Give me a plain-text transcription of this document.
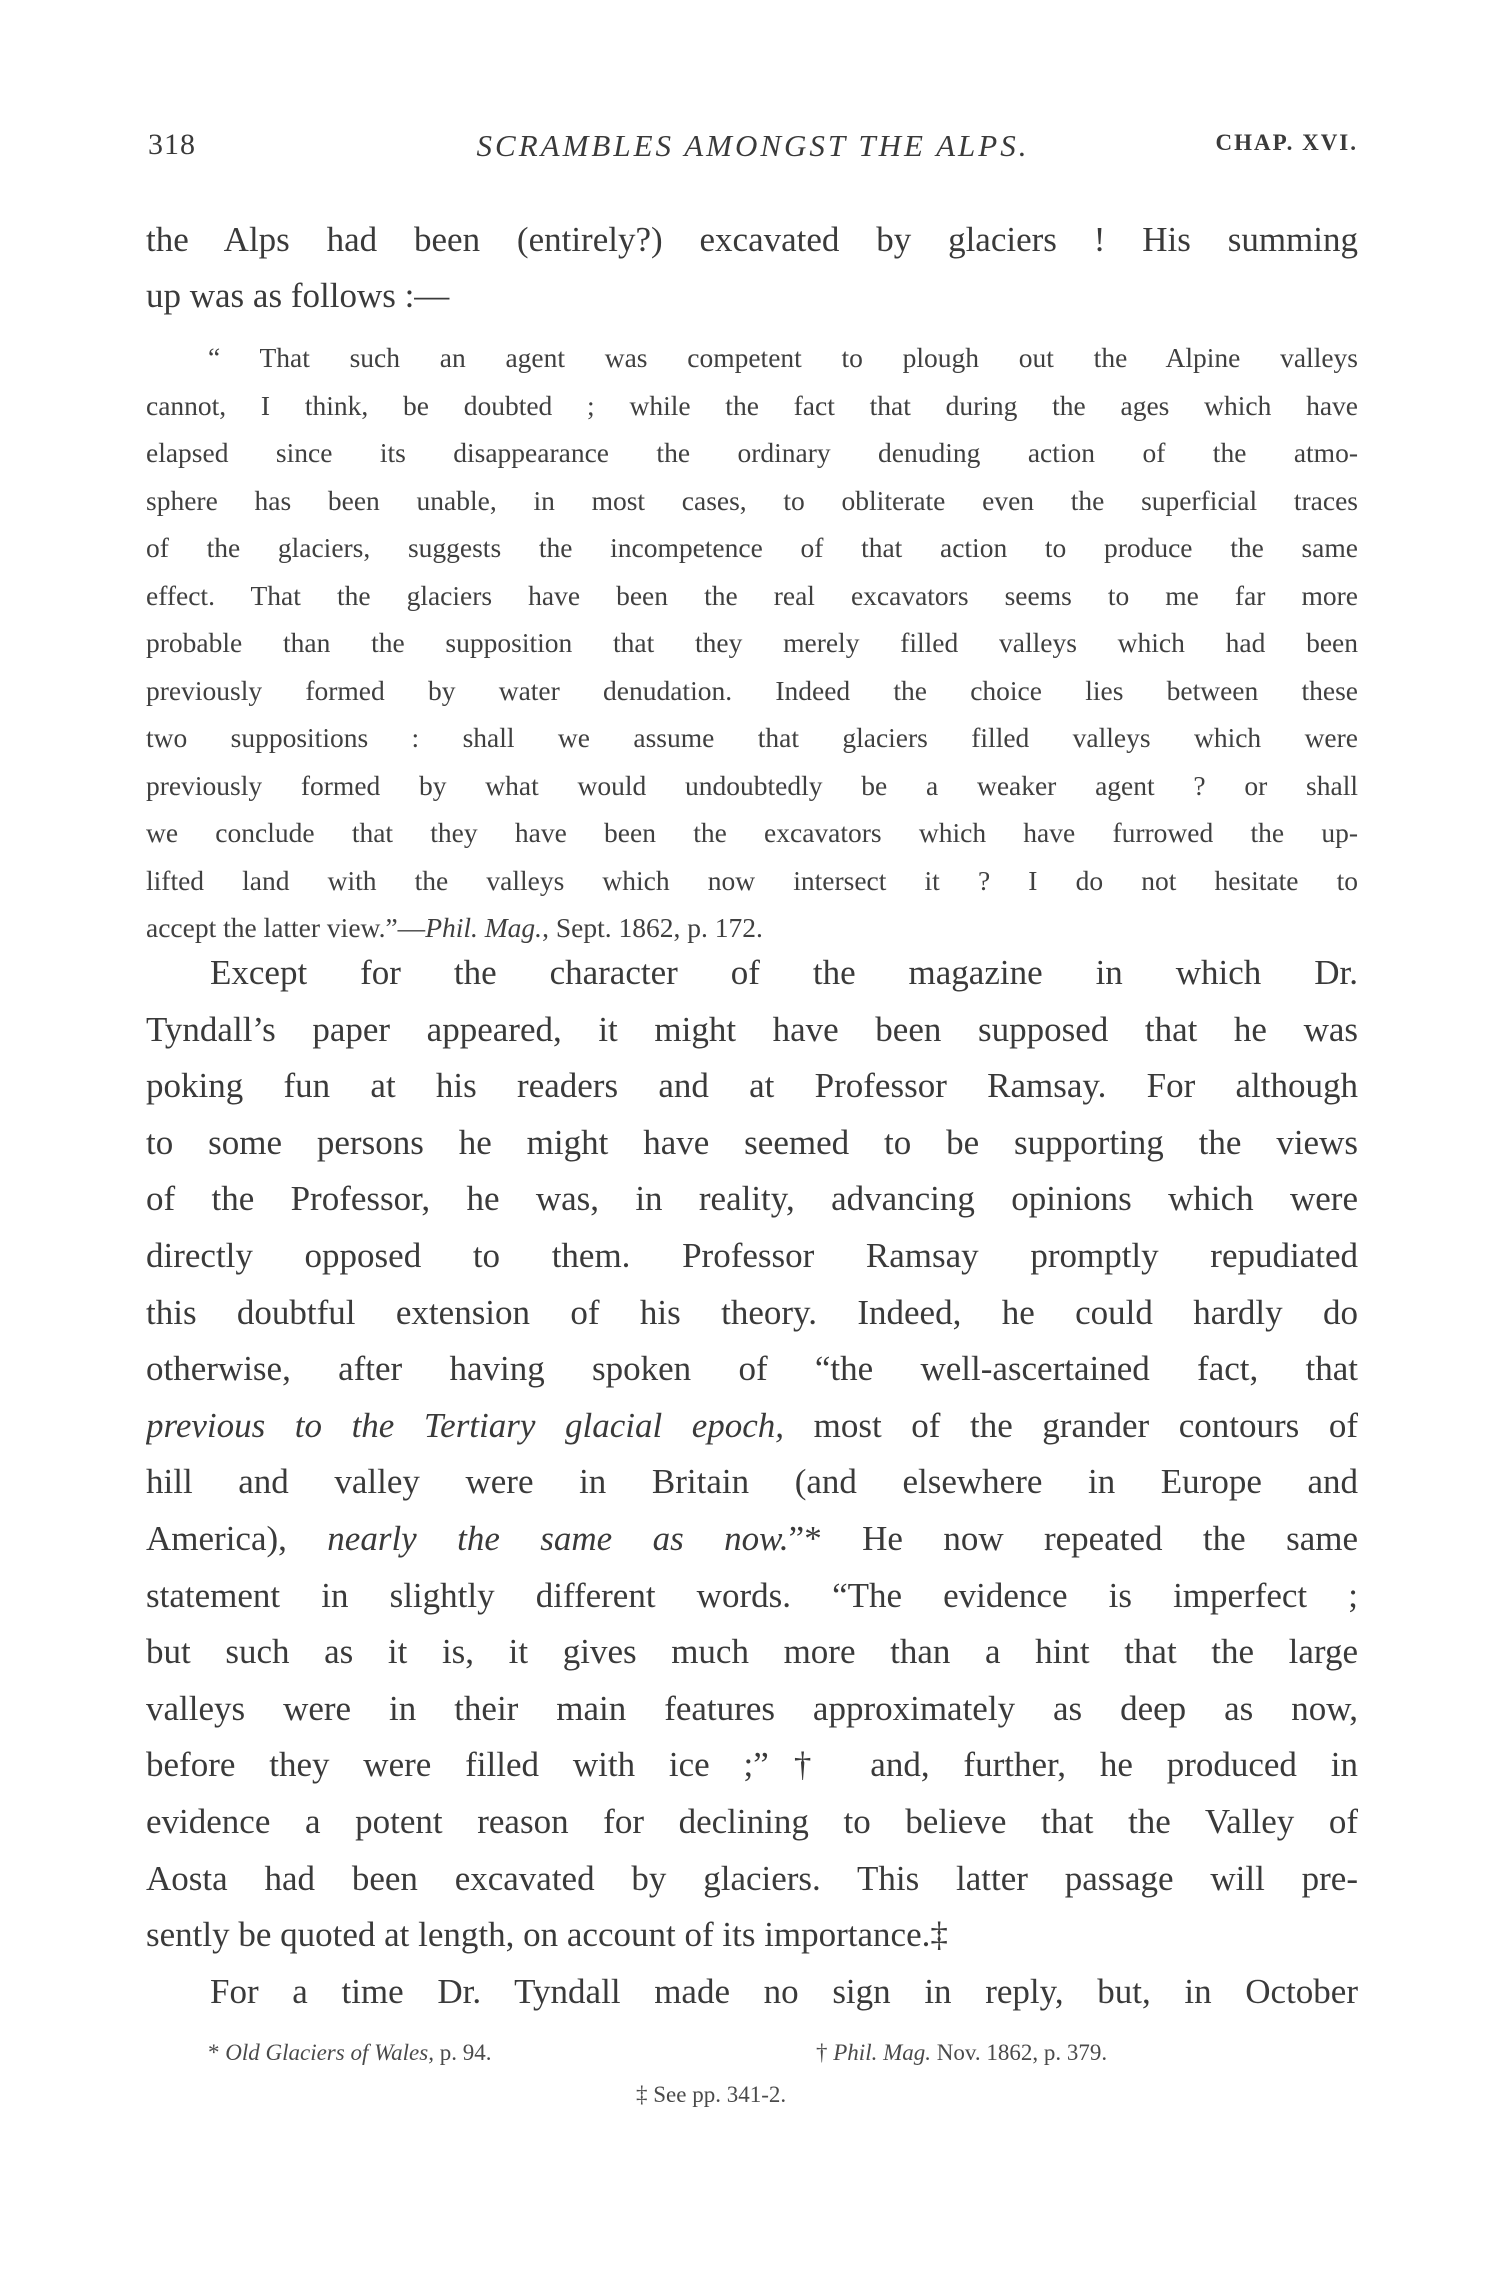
318	SCRAMBLES AMONGST THE ALPS.	CHAP. XVI.
the Alps had been (entirely?) excavated by glaciers ! His summing
up was as follows :—
“ That such an agent was competent to plough out the Alpine valleys
cannot, I think, be doubted ; while the fact that during the ages which have
elapsed since its disappearance the ordinary denuding action of the atmo-
sphere has been unable, in most cases, to obliterate even the superficial traces
of the glaciers, suggests the incompetence of that action to produce the same
effect. That the glaciers have been the real excavators seems to me far more
probable than the supposition that they merely filled valleys which had been
previously formed by water denudation. Indeed the choice lies between these
two suppositions : shall we assume that glaciers filled valleys which were
previously formed by what would undoubtedly be a weaker agent ? or shall
we conclude that they have been the excavators which have furrowed the up-
lifted land with the valleys which now intersect it ? I do not hesitate to
accept the latter view.”—Phil. Mag., Sept. 1862, p. 172.
Except for the character of the magazine in which Dr.
Tyndall’s paper appeared, it might have been supposed that he was
poking fun at his readers and at Professor Ramsay. For although
to some persons he might have seemed to be supporting the views
of the Professor, he was, in reality, advancing opinions which were
directly opposed to them. Professor Ramsay promptly repudiated
this doubtful extension of his theory. Indeed, he could hardly do
otherwise, after having spoken of “the well-ascertained fact, that
previous to the Tertiary glacial epoch, most of the grander contours of
hill and valley were in Britain (and elsewhere in Europe and
America), nearly the same as now.”* He now repeated the same
statement in slightly different words. “The evidence is imperfect ;
but such as it is, it gives much more than a hint that the large
valleys were in their main features approximately as deep as now,
before they were filled with ice ;”† and, further, he produced in
evidence a potent reason for declining to believe that the Valley of
Aosta had been excavated by glaciers. This latter passage will pre-
sently be quoted at length, on account of its importance.‡
For a time Dr. Tyndall made no sign in reply, but, in October
* Old Glaciers of Wales, p. 94.	† Phil. Mag. Nov. 1862, p. 379.
‡ See pp. 341-2.
